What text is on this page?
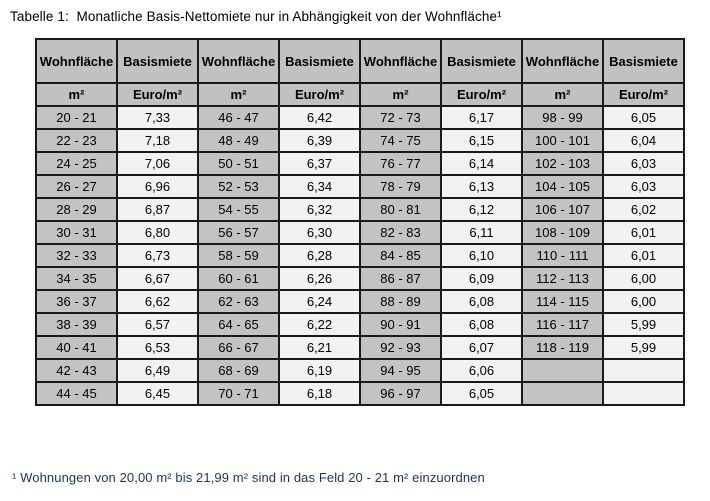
Tabelle 1:  Monatliche Basis-Nettomiete nur in Abhängigkeit von der Wohnfläche¹
Wohnfläche	Basismiete	Wohnfläche	Basismiete	Wohnfläche	Basismiete	Wohnfläche	Basismiete
m²	Euro/m²	m²	Euro/m²	m²	Euro/m²	m²	Euro/m²
20 - 21	7,33	46 - 47	6,42	72 - 73	6,17	98 - 99	6,05
22 - 23	7,18	48 - 49	6,39	74 - 75	6,15	100 - 101	6,04
24 - 25	7,06	50 - 51	6,37	76 - 77	6,14	102 - 103	6,03
26 - 27	6,96	52 - 53	6,34	78 - 79	6,13	104 - 105	6,03
28 - 29	6,87	54 - 55	6,32	80 - 81	6,12	106 - 107	6,02
30 - 31	6,80	56 - 57	6,30	82 - 83	6,11	108 - 109	6,01
32 - 33	6,73	58 - 59	6,28	84 - 85	6,10	110 - 111	6,01
34 - 35	6,67	60 - 61	6,26	86 - 87	6,09	112 - 113	6,00
36 - 37	6,62	62 - 63	6,24	88 - 89	6,08	114 - 115	6,00
38 - 39	6,57	64 - 65	6,22	90 - 91	6,08	116 - 117	5,99
40 - 41	6,53	66 - 67	6,21	92 - 93	6,07	118 - 119	5,99
42 - 43	6,49	68 - 69	6,19	94 - 95	6,06		
44 - 45	6,45	70 - 71	6,18	96 - 97	6,05		
¹ Wohnungen von 20,00 m² bis 21,99 m² sind in das Feld 20 - 21 m² einzuordnen
